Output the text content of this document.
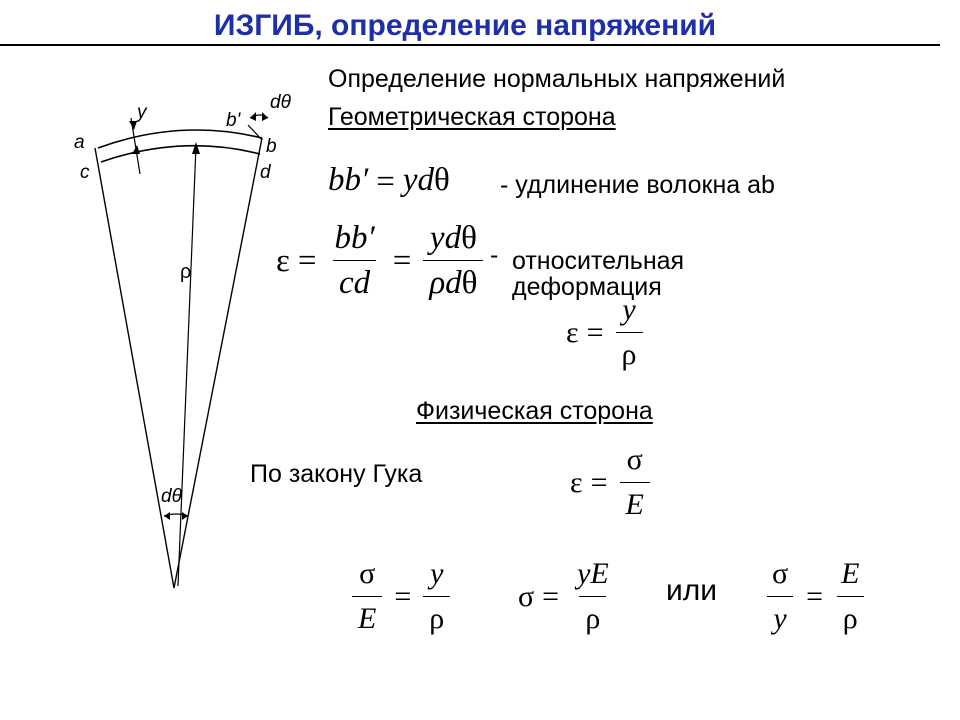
ИЗГИБ, определение напряжений
y
a
c
b'
b
d
dθ
ρ
dθ
Определение нормальных напряжений
Геометрическая сторона
bb′ = ydθ - удлинение волокна ab
$\varepsilon = \frac{bb'}{cd} = \frac{\text{ydθ}}{\text{ρdθ}}$ - относительная
деформация
$\varepsilon = \frac{y}{\rho}$
Физическая сторона
По закону Гука	$\varepsilon = \frac{\sigma}{E}$
$\frac{\sigma}{E} = \frac{y}{\rho}$ $\sigma = \frac{yE}{\rho}$ или $\frac{\sigma}{y} = \frac{E}{\rho}$
